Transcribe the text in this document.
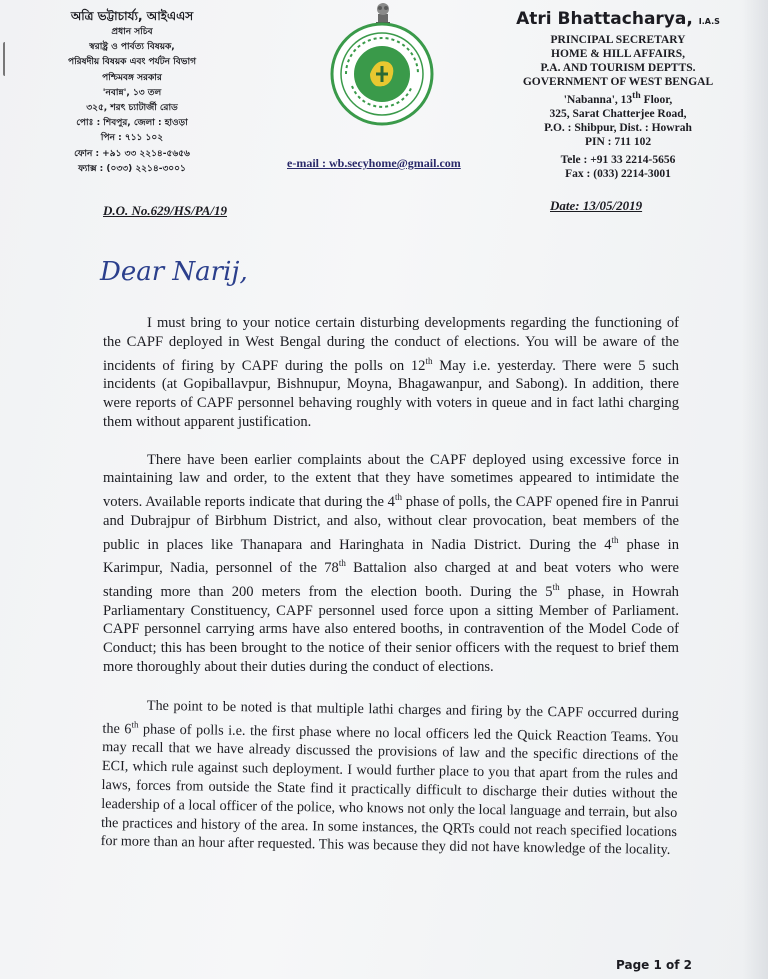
অত্রি ভট্টাচার্য্য, আইএএস
প্রধান সচিব
স্বরাষ্ট্র ও পার্বত্য বিষয়ক,
পরিষদীয় বিষয়ক এবং পর্যটন বিভাগ
পশ্চিমবঙ্গ সরকার
'নবান্ন', ১৩ তল
৩২৫, শরৎ চ্যাটার্জী রোড
পোঃ : শিবপুর, জেলা : হাওড়া
পিন : ৭১১ ১০২
ফোন : +৯১ ৩৩ ২২১৪-৫৬৫৬
ফ্যাক্স : (০৩৩) ২২১৪-৩০০১
Atri Bhattacharya, I.A.S
PRINCIPAL SECRETARY
HOME & HILL AFFAIRS,
P.A. AND TOURISM DEPTTS.
GOVERNMENT OF WEST BENGAL
'Nabanna', 13th Floor,
325, Sarat Chatterjee Road,
P.O. : Shibpur, Dist. : Howrah
PIN : 711 102
Tele : +91 33 2214-5656
Fax : (033) 2214-3001
e-mail : wb.secyhome@gmail.com
D.O. No.629/HS/PA/19	Date: 13/05/2019
Dear Narij,

I must bring to your notice certain disturbing developments regarding the functioning of the CAPF deployed in West Bengal during the conduct of elections. You will be aware of the incidents of firing by CAPF during the polls on 12th May i.e. yesterday. There were 5 such incidents (at Gopiballavpur, Bishnupur, Moyna, Bhagawanpur, and Sabong). In addition, there were reports of CAPF personnel behaving roughly with voters in queue and in fact lathi charging them without apparent justification.

There have been earlier complaints about the CAPF deployed using excessive force in maintaining law and order, to the extent that they have sometimes appeared to intimidate the voters. Available reports indicate that during the 4th phase of polls, the CAPF opened fire in Panrui and Dubrajpur of Birbhum District, and also, without clear provocation, beat members of the public in places like Thanapara and Haringhata in Nadia District. During the 4th phase in Karimpur, Nadia, personnel of the 78th Battalion also charged at and beat voters who were standing more than 200 meters from the election booth. During the 5th phase, in Howrah Parliamentary Constituency, CAPF personnel used force upon a sitting Member of Parliament. CAPF personnel carrying arms have also entered booths, in contravention of the Model Code of Conduct; this has been brought to the notice of their senior officers with the request to brief them more thoroughly about their duties during the conduct of elections.

The point to be noted is that multiple lathi charges and firing by the CAPF occurred during the 6th phase of polls i.e. the first phase where no local officers led the Quick Reaction Teams. You may recall that we have already discussed the provisions of law and the specific directions of the ECI, which rule against such deployment. I would further place to you that apart from the rules and laws, forces from outside the State find it practically difficult to discharge their duties without the leadership of a local officer of the police, who knows not only the local language and terrain, but also the practices and history of the area. In some instances, the QRTs could not reach specified locations for more than an hour after requested. This was because they did not have knowledge of the locality.

Page 1 of 2
